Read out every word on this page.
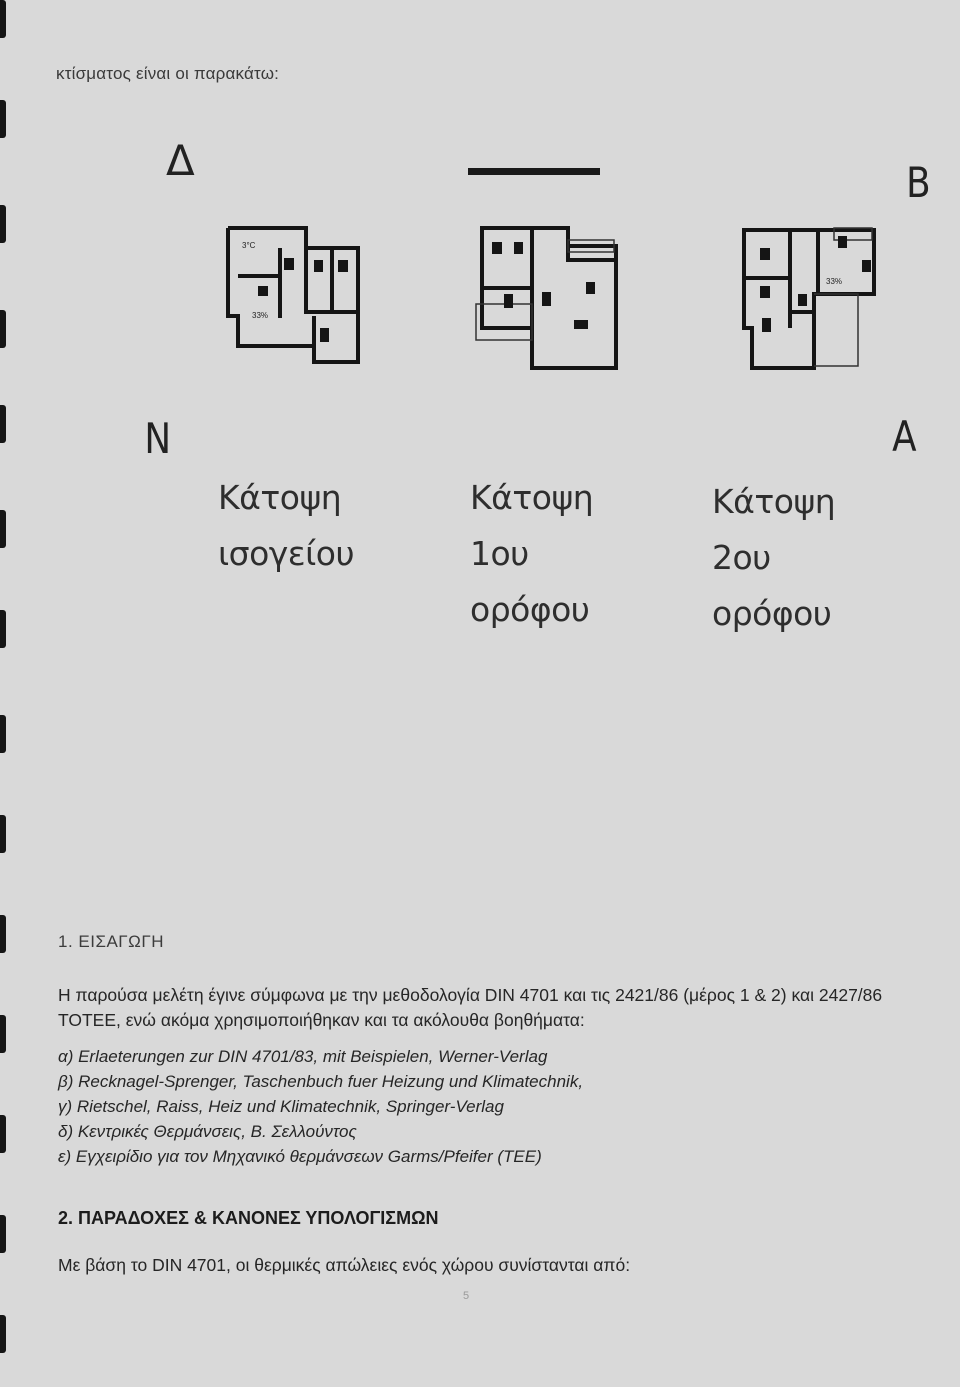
κτίσματος είναι οι παρακάτω:

Δ	B
N	A
3°C
33%
33%
Κάτοψη
ισογείου
Κάτοψη
1ου
ορόφου
Κάτοψη
2ου
ορόφου

1. ΕΙΣΑΓΩΓΗ

Η παρούσα μελέτη έγινε σύμφωνα με την μεθοδολογία DIN 4701 και τις 2421/86 (μέρος 1 & 2) και 2427/86 ΤΟΤΕΕ, ενώ ακόμα χρησιμοποιήθηκαν και τα ακόλουθα βοηθήματα:

α) Erlaeterungen zur DIN 4701/83, mit Beispielen, Werner-Verlag
β) Recknagel-Sprenger, Taschenbuch fuer Heizung und Klimatechnik,
γ) Rietschel, Raiss, Heiz und Klimatechnik, Springer-Verlag
δ) Κεντρικές Θερμάνσεις, Β. Σελλούντος
ε) Εγχειρίδιο για τον Μηχανικό θερμάνσεων Garms/Pfeifer (TEE)

2. ΠΑΡΑΔΟΧΕΣ & ΚΑΝΟΝΕΣ ΥΠΟΛΟΓΙΣΜΩΝ

Με βάση το DIN 4701, οι θερμικές απώλειες ενός χώρου συνίστανται από:

5
